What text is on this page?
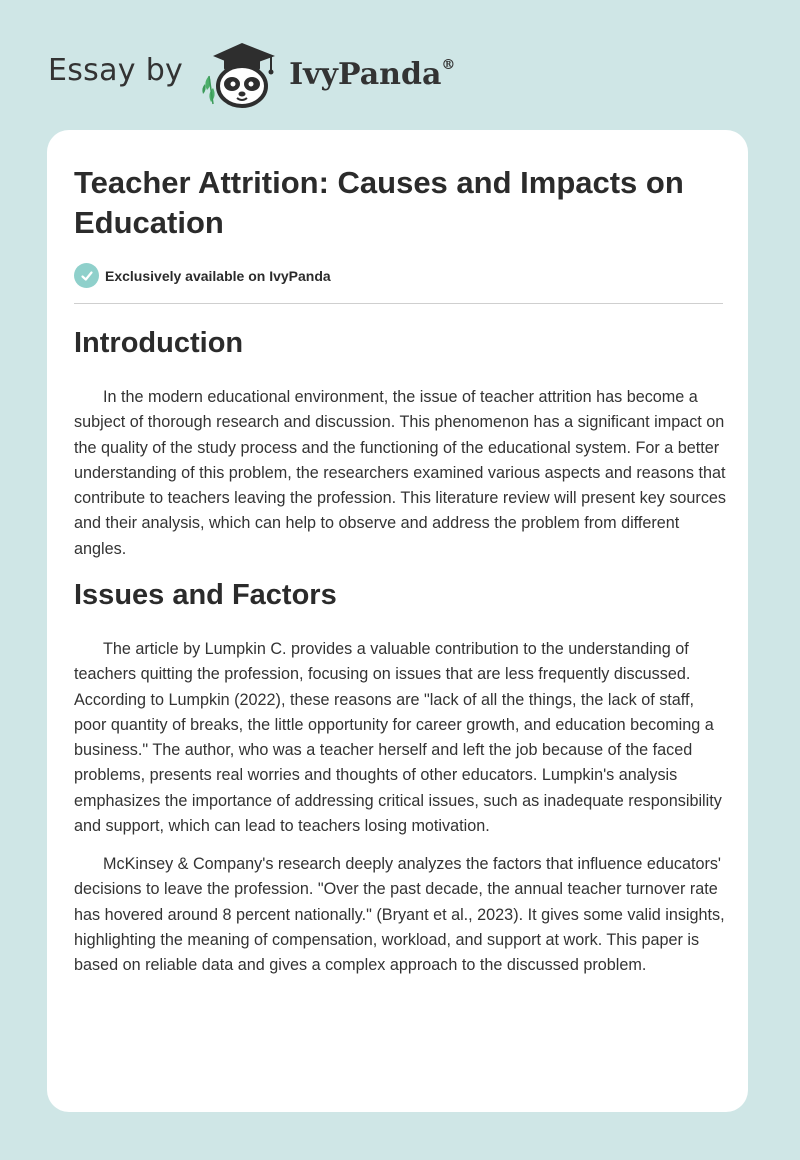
Essay by	IvyPanda®
Teacher Attrition: Causes and Impacts on Education
Exclusively available on IvyPanda
Introduction

In the modern educational environment, the issue of teacher attrition has become a subject of thorough research and discussion. This phenomenon has a significant impact on the quality of the study process and the functioning of the educational system. For a better understanding of this problem, the researchers examined various aspects and reasons that contribute to teachers leaving the profession. This literature review will present key sources and their analysis, which can help to observe and address the problem from different angles.

Issues and Factors

The article by Lumpkin C. provides a valuable contribution to the understanding of teachers quitting the profession, focusing on issues that are less frequently discussed. According to Lumpkin (2022), these reasons are "lack of all the things, the lack of staff, poor quantity of breaks, the little opportunity for career growth, and education becoming a business." The author, who was a teacher herself and left the job because of the faced problems, presents real worries and thoughts of other educators. Lumpkin's analysis emphasizes the importance of addressing critical issues, such as inadequate responsibility and support, which can lead to teachers losing motivation.

McKinsey & Company's research deeply analyzes the factors that influence educators' decisions to leave the profession. "Over the past decade, the annual teacher turnover rate has hovered around 8 percent nationally." (Bryant et al., 2023). It gives some valid insights, highlighting the meaning of compensation, workload, and support at work. This paper is based on reliable data and gives a complex approach to the discussed problem.
